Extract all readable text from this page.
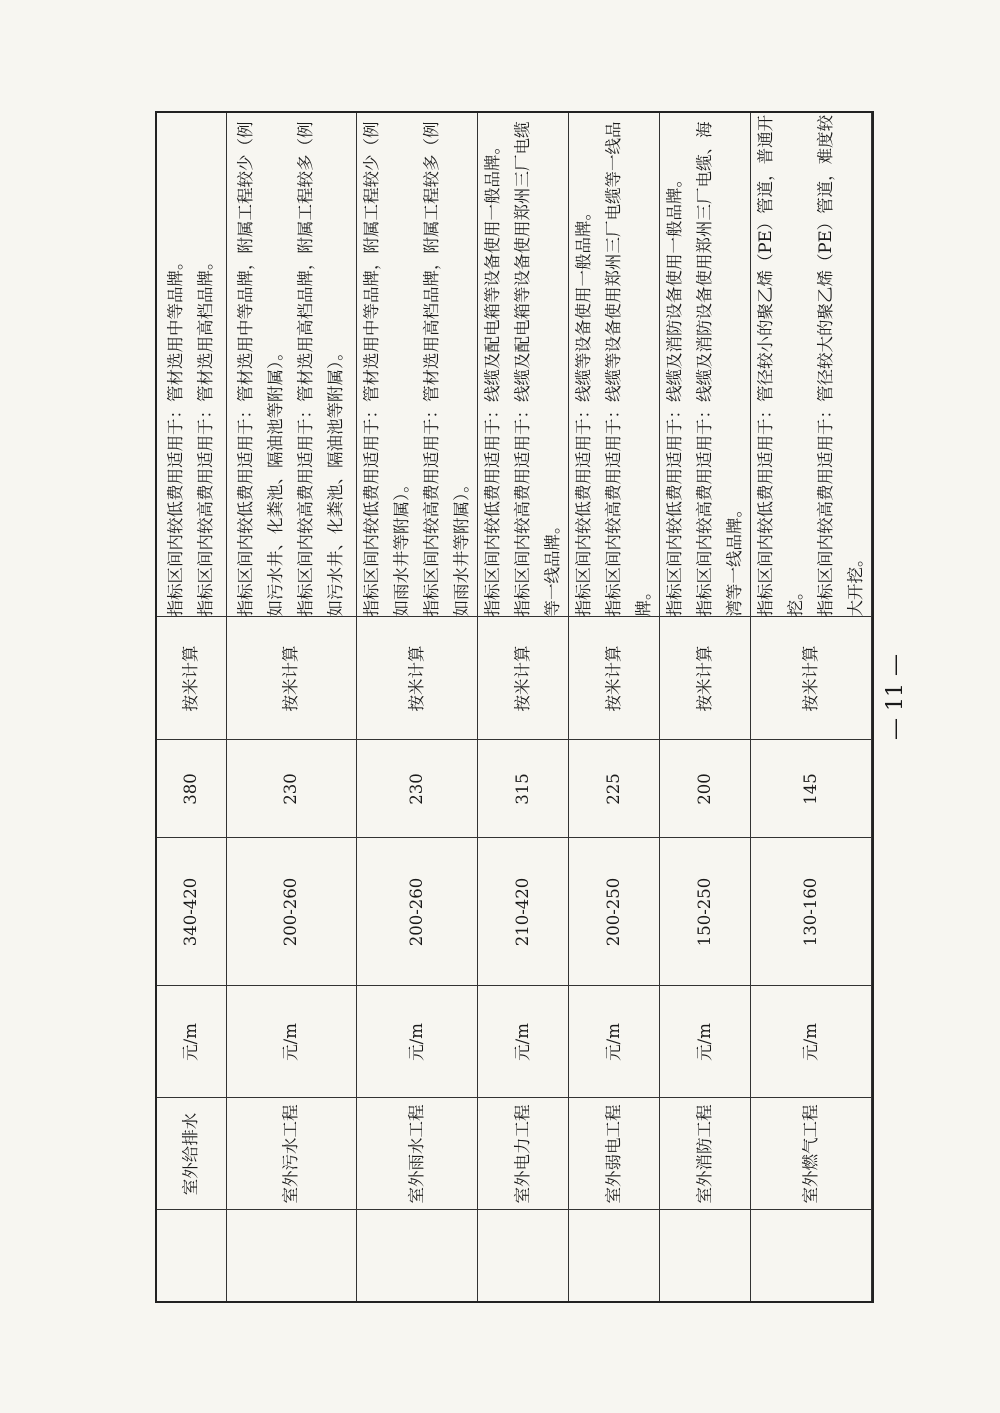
	室外给排水	元/m	340-420	380	按米计算	指标区间内较低费用适用于：管材选用中等品牌。 指标区间内较高费用适用于：管材选用高档品牌。

	室外污水工程	元/m	200-260	230	按米计算	指标区间内较低费用适用于：管材选用中等品牌，附属工程较少（例如污水井、化粪池、隔油池等附属）。 指标区间内较高费用适用于：管材选用高档品牌，附属工程较多（例如污水井、化粪池、隔油池等附属）。

	室外雨水工程	元/m	200-260	230	按米计算	指标区间内较低费用适用于：管材选用中等品牌，附属工程较少（例如雨水井等附属）。 指标区间内较高费用适用于：管材选用高档品牌，附属工程较多（例如雨水井等附属）。

	室外电力工程	元/m	210-420	315	按米计算	指标区间内较低费用适用于：线缆及配电箱等设备使用一般品牌。 指标区间内较高费用适用于：线缆及配电箱等设备使用郑州三厂电缆等一线品牌。

	室外弱电工程	元/m	200-250	225	按米计算	指标区间内较低费用适用于：线缆等设备使用一般品牌。 指标区间内较高费用适用于：线缆等设备使用郑州三厂电缆等一线品牌。

	室外消防工程	元/m	150-250	200	按米计算	指标区间内较低费用适用于：线缆及消防设备使用一般品牌。 指标区间内较高费用适用于：线缆及消防设备使用郑州三厂电缆、海湾等一线品牌。

	室外燃气工程	元/m	130-160	145	按米计算	指标区间内较低费用适用于：管径较小的聚乙烯（PE）管道，普通开挖。 指标区间内较高费用适用于：管径较大的聚乙烯（PE）管道，难度较大开挖。

— 11 —
